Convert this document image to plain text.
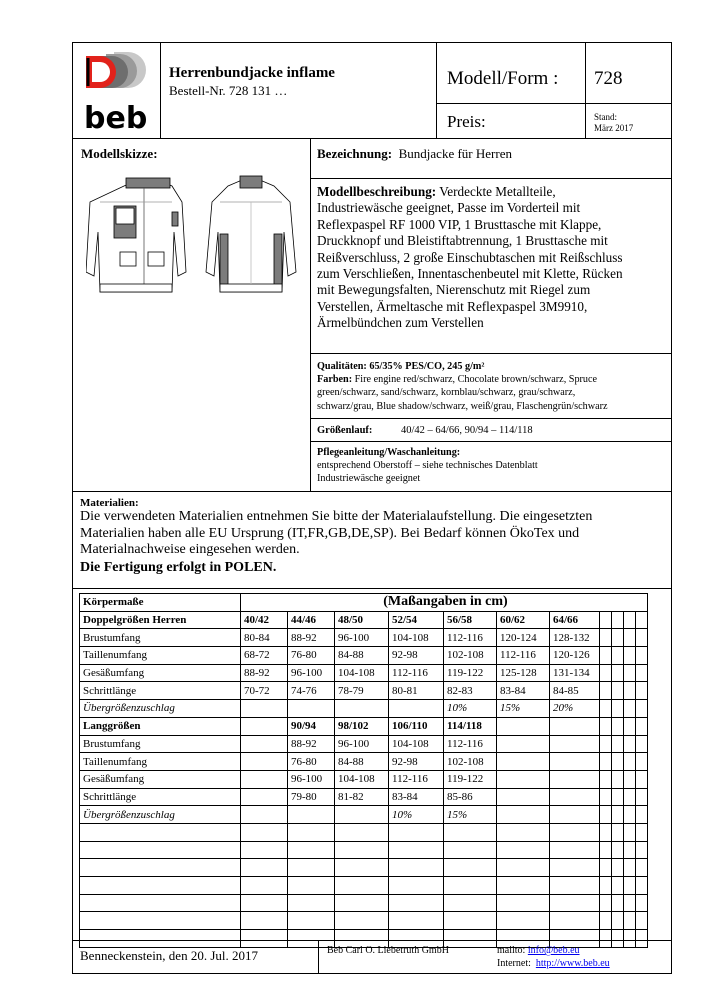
beb
Herrenbundjacke inflame
Bestell-Nr. 728 131 …
Modell/Form : 728
Preis:	Stand:
März 2017
Modellskizze:	Bezeichnung: Bundjacke für Herren
Modellbeschreibung: Verdeckte Metallteile,
Industriewäsche geeignet, Passe im Vorderteil mit
Reflexpaspel RF 1000 VIP, 1 Brusttasche mit Klappe,
Druckknopf und Bleistiftabtrennung, 1 Brusttasche mit
Reißverschluss, 2 große Einschubtaschen mit Reißschluss
zum Verschließen, Innentaschenbeutel mit Klette, Rücken
mit Bewegungsfalten, Nierenschutz mit Riegel zum
Verstellen, Ärmeltasche mit Reflexpaspel 3M9910,
Ärmelbündchen zum Verstellen
Qualitäten: 65/35% PES/CO, 245 g/m²
Farben: Fire engine red/schwarz, Chocolate brown/schwarz, Spruce
green/schwarz, sand/schwarz, kornblau/schwarz, grau/schwarz,
schwarz/grau, Blue shadow/schwarz, weiß/grau, Flaschengrün/schwarz
Größenlauf:	40/42 – 64/66, 90/94 – 114/118
Pflegeanleitung/Waschanleitung:
entsprechend Oberstoff – siehe technisches Datenblatt
Industriewäsche geeignet
Materialien:
Die verwendeten Materialien entnehmen Sie bitte der Materialaufstellung. Die eingesetzten
Materialien haben alle EU Ursprung (IT,FR,GB,DE,SP). Bei Bedarf können ÖkoTex und
Materialnachweise eingesehen werden.
Die Fertigung erfolgt in POLEN.
Körpermaße	(Maßangaben in cm)										
Doppelgrößen Herren	40/42	44/46	48/50	52/54	56/58	60/62	64/66				
Brustumfang	80-84	88-92	96-100	104-108	112-116	120-124	128-132				
Taillenumfang	68-72	76-80	84-88	92-98	102-108	112-116	120-126				
Gesäßumfang	88-92	96-100	104-108	112-116	119-122	125-128	131-134				
Schrittlänge	70-72	74-76	78-79	80-81	82-83	83-84	84-85				
Übergrößenzuschlag					10%	15%	20%				
Langgrößen		90/94	98/102	106/110	114/118						
Brustumfang		88-92	96-100	104-108	112-116						
Taillenumfang		76-80	84-88	92-98	102-108						
Gesäßumfang		96-100	104-108	112-116	119-122						
Schrittlänge		79-80	81-82	83-84	85-86						
Übergrößenzuschlag				10%	15%						

Benneckenstein, den 20. Jul. 2017	Beb Carl O. Liebetruth GmbH	mailto: info@beb.eu
Internet: http://www.beb.eu
